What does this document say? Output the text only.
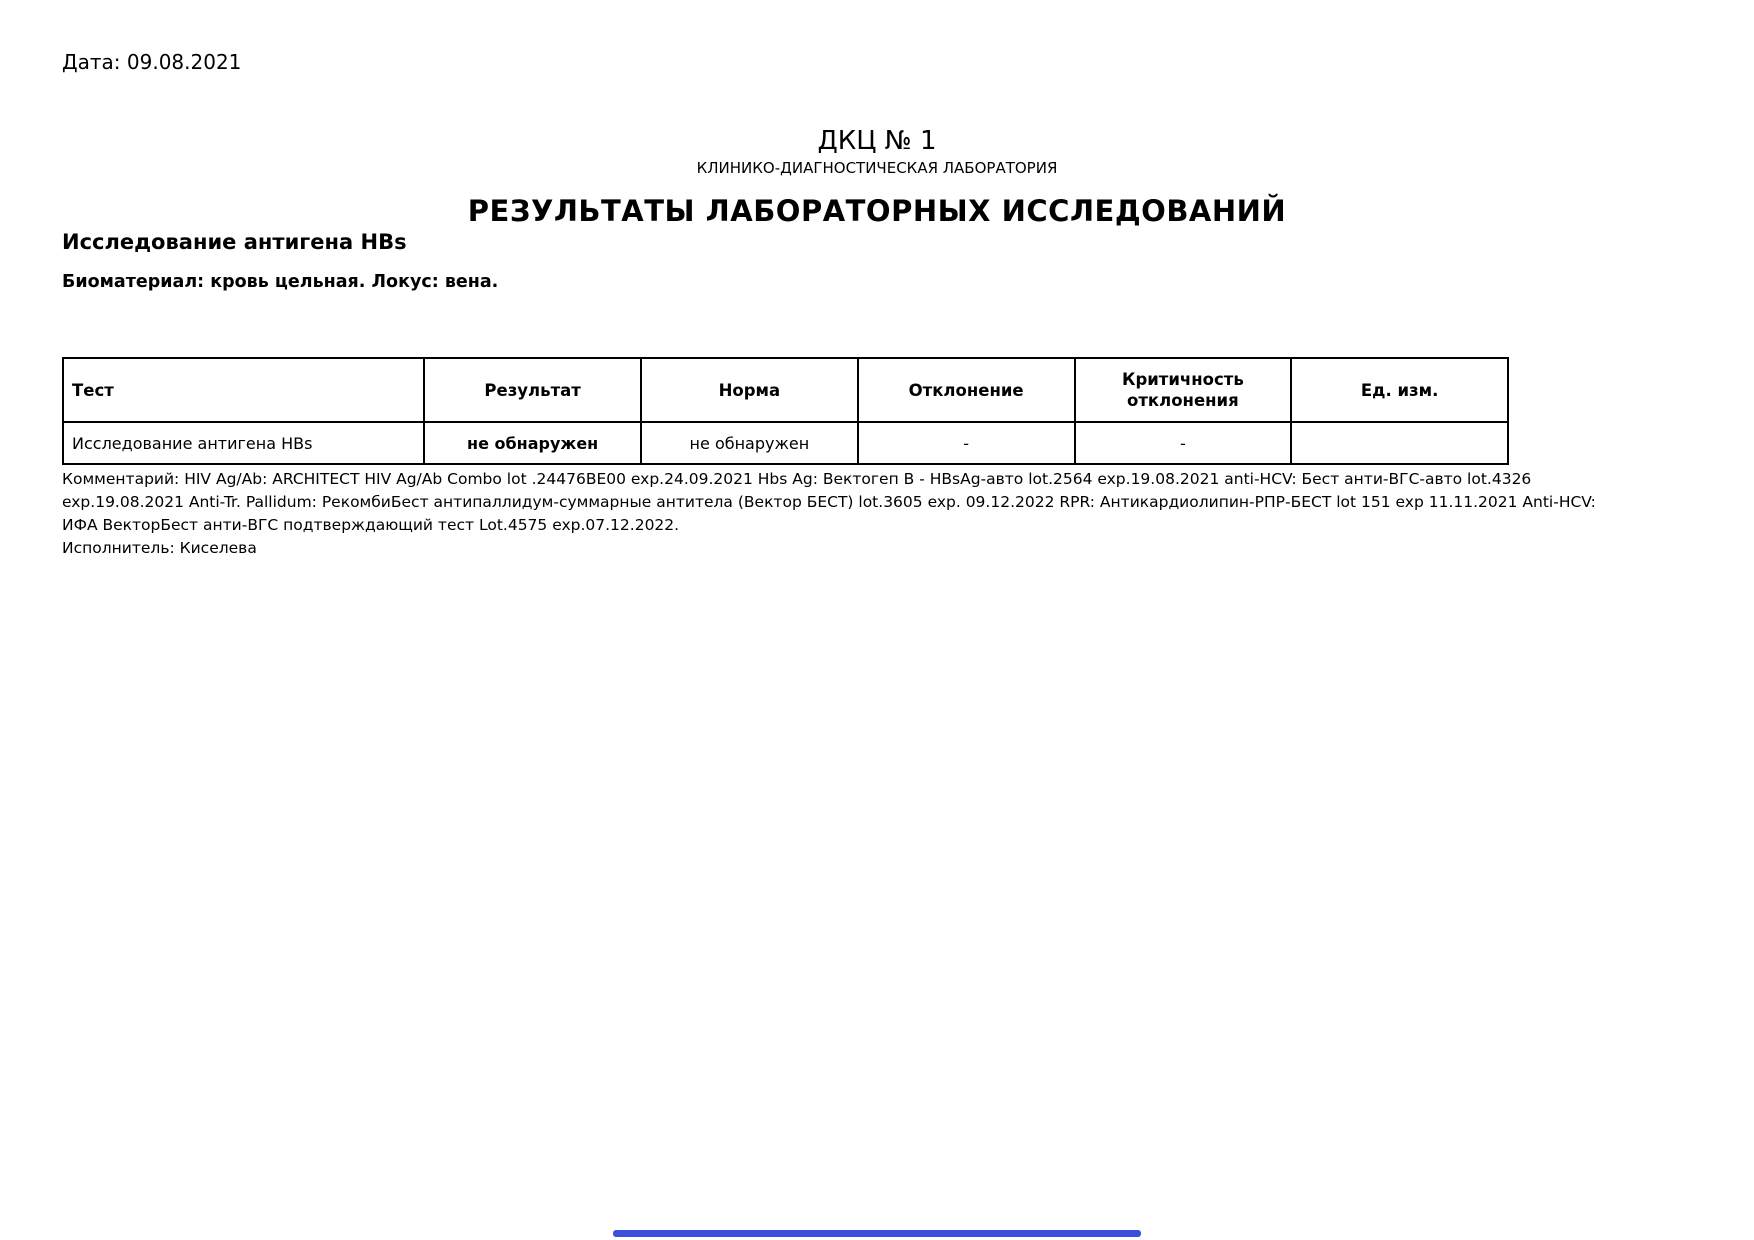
Дата: 09.08.2021
ДКЦ № 1
КЛИНИКО-ДИАГНОСТИЧЕСКАЯ ЛАБОРАТОРИЯ
РЕЗУЛЬТАТЫ ЛАБОРАТОРНЫХ ИССЛЕДОВАНИЙ
Исследование антигена HBs
Биоматериал: кровь цельная. Локус: вена.
Тест	Результат	Норма	Отклонение	Критичность отклонения	Ед. изм.
Исследование антигена HBs	не обнаружен	не обнаружен	-	-	
Комментарий: HIV Ag/Ab: ARCHITECT HIV Ag/Ab Combo lot .24476BE00 exp.24.09.2021 Hbs Ag: Вектогеп В - HBsAg-авто lot.2564 exp.19.08.2021 anti-HCV: Бест анти-ВГС-авто lot.4326
exp.19.08.2021 Anti-Tr. Pallidum: РекомбиБест антипаллидум-суммарные антитела (Вектор БЕСТ) lot.3605 exp. 09.12.2022 RPR: Антикардиолипин-РПР-БЕСТ lot 151 exp 11.11.2021 Anti-HCV:
ИФА ВекторБест анти-ВГС подтверждающий тест Lot.4575 exp.07.12.2022.
Исполнитель: Киселева
